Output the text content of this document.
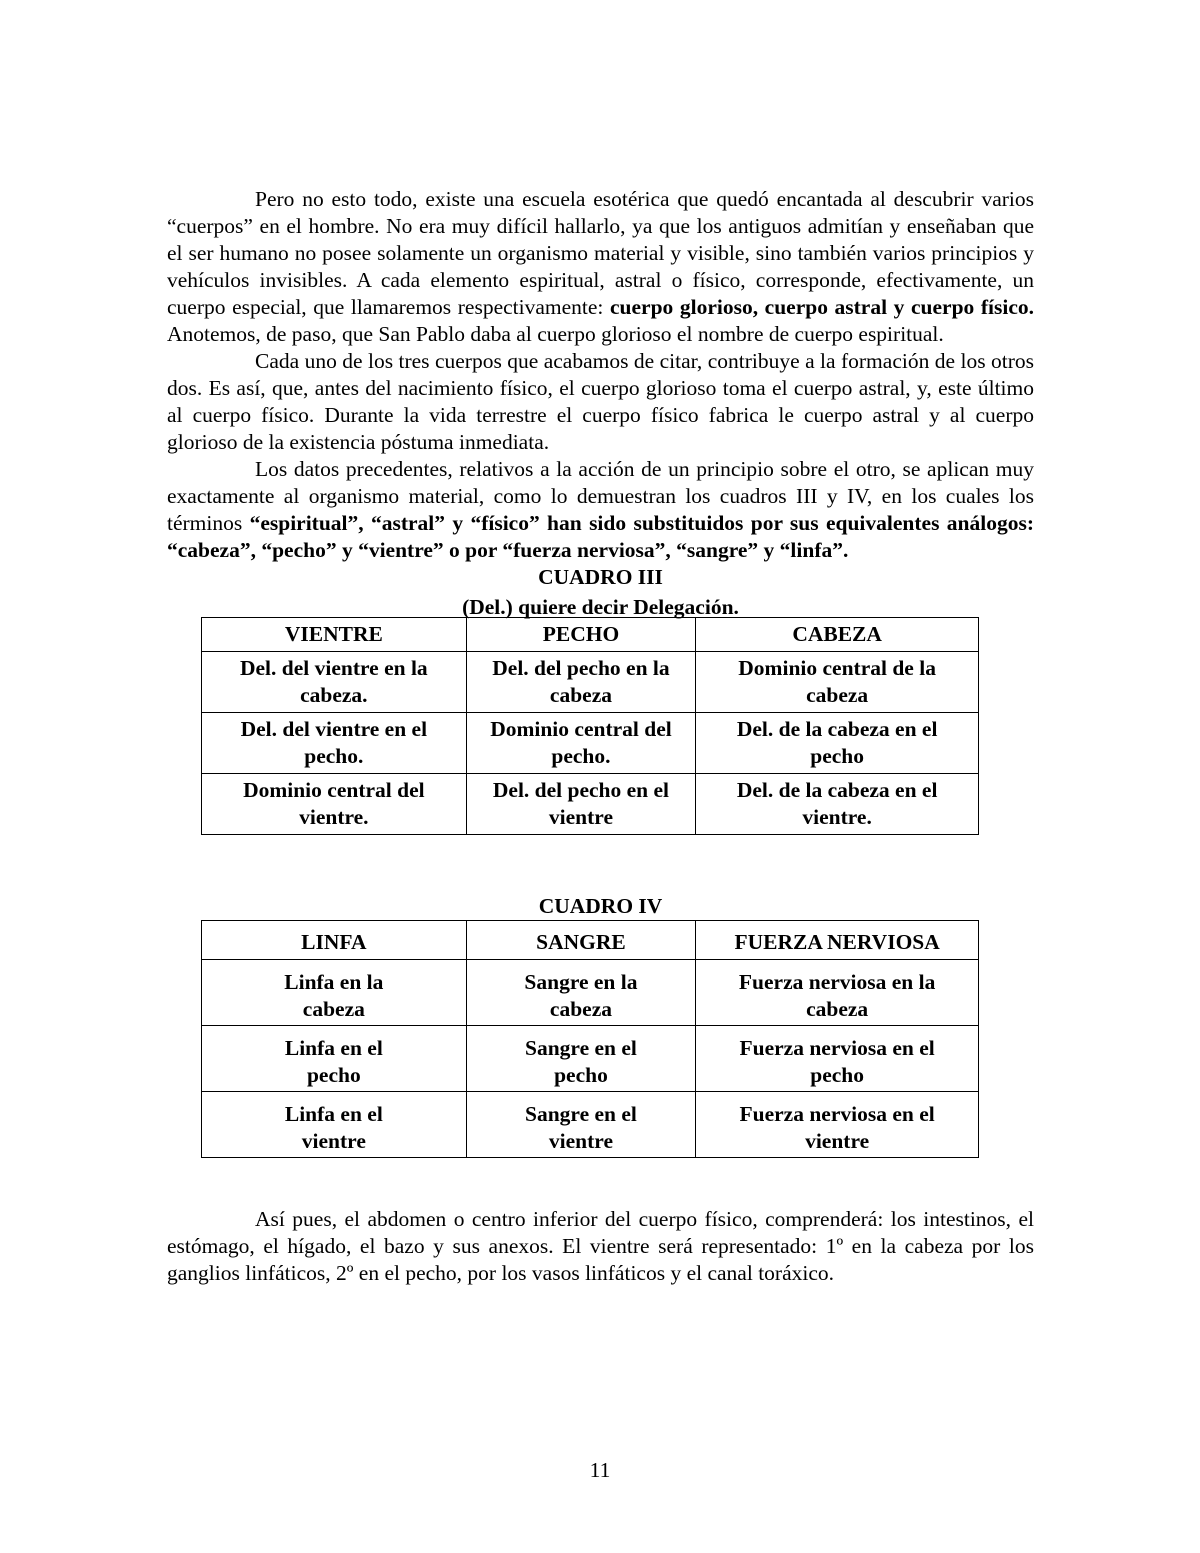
Pero no esto todo, existe una escuela esotérica que quedó encantada al descubrir varios “cuerpos” en el hombre. No era muy difícil hallarlo, ya que los antiguos admitían y enseñaban que el ser humano no posee solamente un organismo material y visible, sino también varios principios y vehículos invisibles. A cada elemento espiritual, astral o físico, corresponde, efectivamente, un cuerpo especial, que llamaremos respectivamente: cuerpo glorioso, cuerpo astral y cuerpo físico. Anotemos, de paso, que San Pablo daba al cuerpo glorioso el nombre de cuerpo espiritual.

Cada uno de los tres cuerpos que acabamos de citar, contribuye a la formación de los otros dos. Es así, que, antes del nacimiento físico, el cuerpo glorioso toma el cuerpo astral, y, este último al cuerpo físico. Durante la vida terrestre el cuerpo físico fabrica le cuerpo astral y al cuerpo glorioso de la existencia póstuma inmediata.

Los datos precedentes, relativos a la acción de un principio sobre el otro, se aplican muy exactamente al organismo material, como lo demuestran los cuadros III y IV, en los cuales los términos “espiritual”, “astral” y “físico” han sido substituidos por sus equivalentes análogos: “cabeza”, “pecho” y “vientre” o por “fuerza nerviosa”, “sangre” y “linfa”.

CUADRO III

(Del.) quiere decir Delegación.

VIENTRE	PECHO	CABEZA
Del. del vientre en la cabeza.	Del. del pecho en la cabeza	Dominio central de la cabeza
Del. del vientre en el pecho.	Dominio central del pecho.	Del. de la cabeza en el pecho
Dominio central del vientre.	Del. del pecho en el vientre	Del. de la cabeza en el vientre.

CUADRO IV

LINFA	SANGRE	FUERZA NERVIOSA
Linfa en la cabeza	Sangre en la cabeza	Fuerza nerviosa en la cabeza
Linfa en el pecho	Sangre en el pecho	Fuerza nerviosa en el pecho
Linfa en el vientre	Sangre en el vientre	Fuerza nerviosa en el vientre

Así pues, el abdomen o centro inferior del cuerpo físico, comprenderá: los intestinos, el estómago, el hígado, el bazo y sus anexos. El vientre será representado: 1º en la cabeza por los ganglios linfáticos, 2º en el pecho, por los vasos linfáticos y el canal toráxico.

11
